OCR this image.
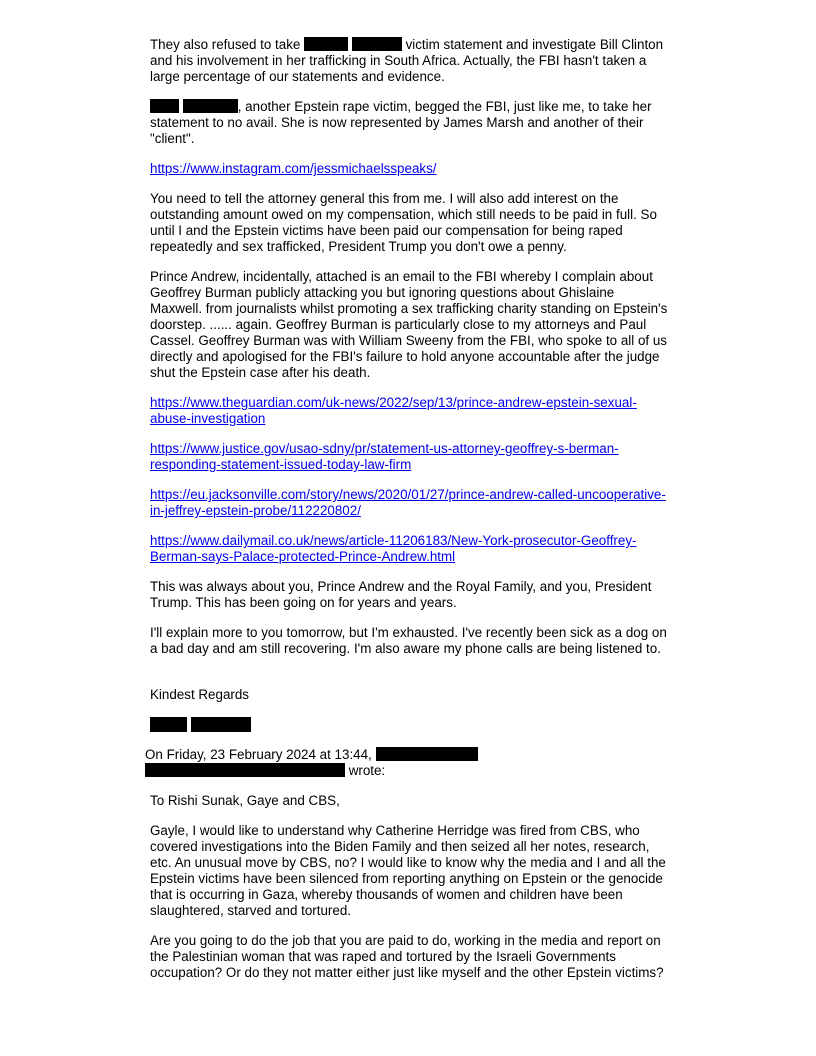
They also refused to take	victim statement and investigate Bill Clinton and his involvement in her trafficking in South Africa. Actually, the FBI hasn't taken a large percentage of our statements and evidence.

, another Epstein rape victim, begged the FBI, just like me, to take her statement to no avail. She is now represented by James Marsh and another of their "client".

https://www.instagram.com/jessmichaelsspeaks/

You need to tell the attorney general this from me. I will also add interest on the outstanding amount owed on my compensation, which still needs to be paid in full. So until I and the Epstein victims have been paid our compensation for being raped repeatedly and sex trafficked, President Trump you don't owe a penny.

Prince Andrew, incidentally, attached is an email to the FBI whereby I complain about Geoffrey Burman publicly attacking you but ignoring questions about Ghislaine Maxwell. from journalists whilst promoting a sex trafficking charity standing on Epstein's doorstep. ...... again. Geoffrey Burman is particularly close to my attorneys and Paul Cassel. Geoffrey Burman was with William Sweeny from the FBI, who spoke to all of us directly and apologised for the FBI's failure to hold anyone accountable after the judge shut the Epstein case after his death.

https://www.theguardian.com/uk-news/2022/sep/13/prince-andrew-epstein-sexual-abuse-investigation

https://www.justice.gov/usao-sdny/pr/statement-us-attorney-geoffrey-s-berman-responding-statement-issued-today-law-firm

https://eu.jacksonville.com/story/news/2020/01/27/prince-andrew-called-uncooperative-in-jeffrey-epstein-probe/112220802/

https://www.dailymail.co.uk/news/article-11206183/New-York-prosecutor-Geoffrey-Berman-says-Palace-protected-Prince-Andrew.html

This was always about you, Prince Andrew and the Royal Family, and you, President Trump. This has been going on for years and years.

I'll explain more to you tomorrow, but I'm exhausted. I've recently been sick as a dog on a bad day and am still recovering. I'm also aware my phone calls are being listened to.

Kindest Regards

On Friday, 23 February 2024 at 13:44,
wrote:

To Rishi Sunak, Gaye and CBS,

Gayle, I would like to understand why Catherine Herridge was fired from CBS, who covered investigations into the Biden Family and then seized all her notes, research, etc. An unusual move by CBS, no? I would like to know why the media and I and all the Epstein victims have been silenced from reporting anything on Epstein or the genocide that is occurring in Gaza, whereby thousands of women and children have been slaughtered, starved and tortured.

Are you going to do the job that you are paid to do, working in the media and report on the Palestinian woman that was raped and tortured by the Israeli Governments occupation? Or do they not matter either just like myself and the other Epstein victims?
